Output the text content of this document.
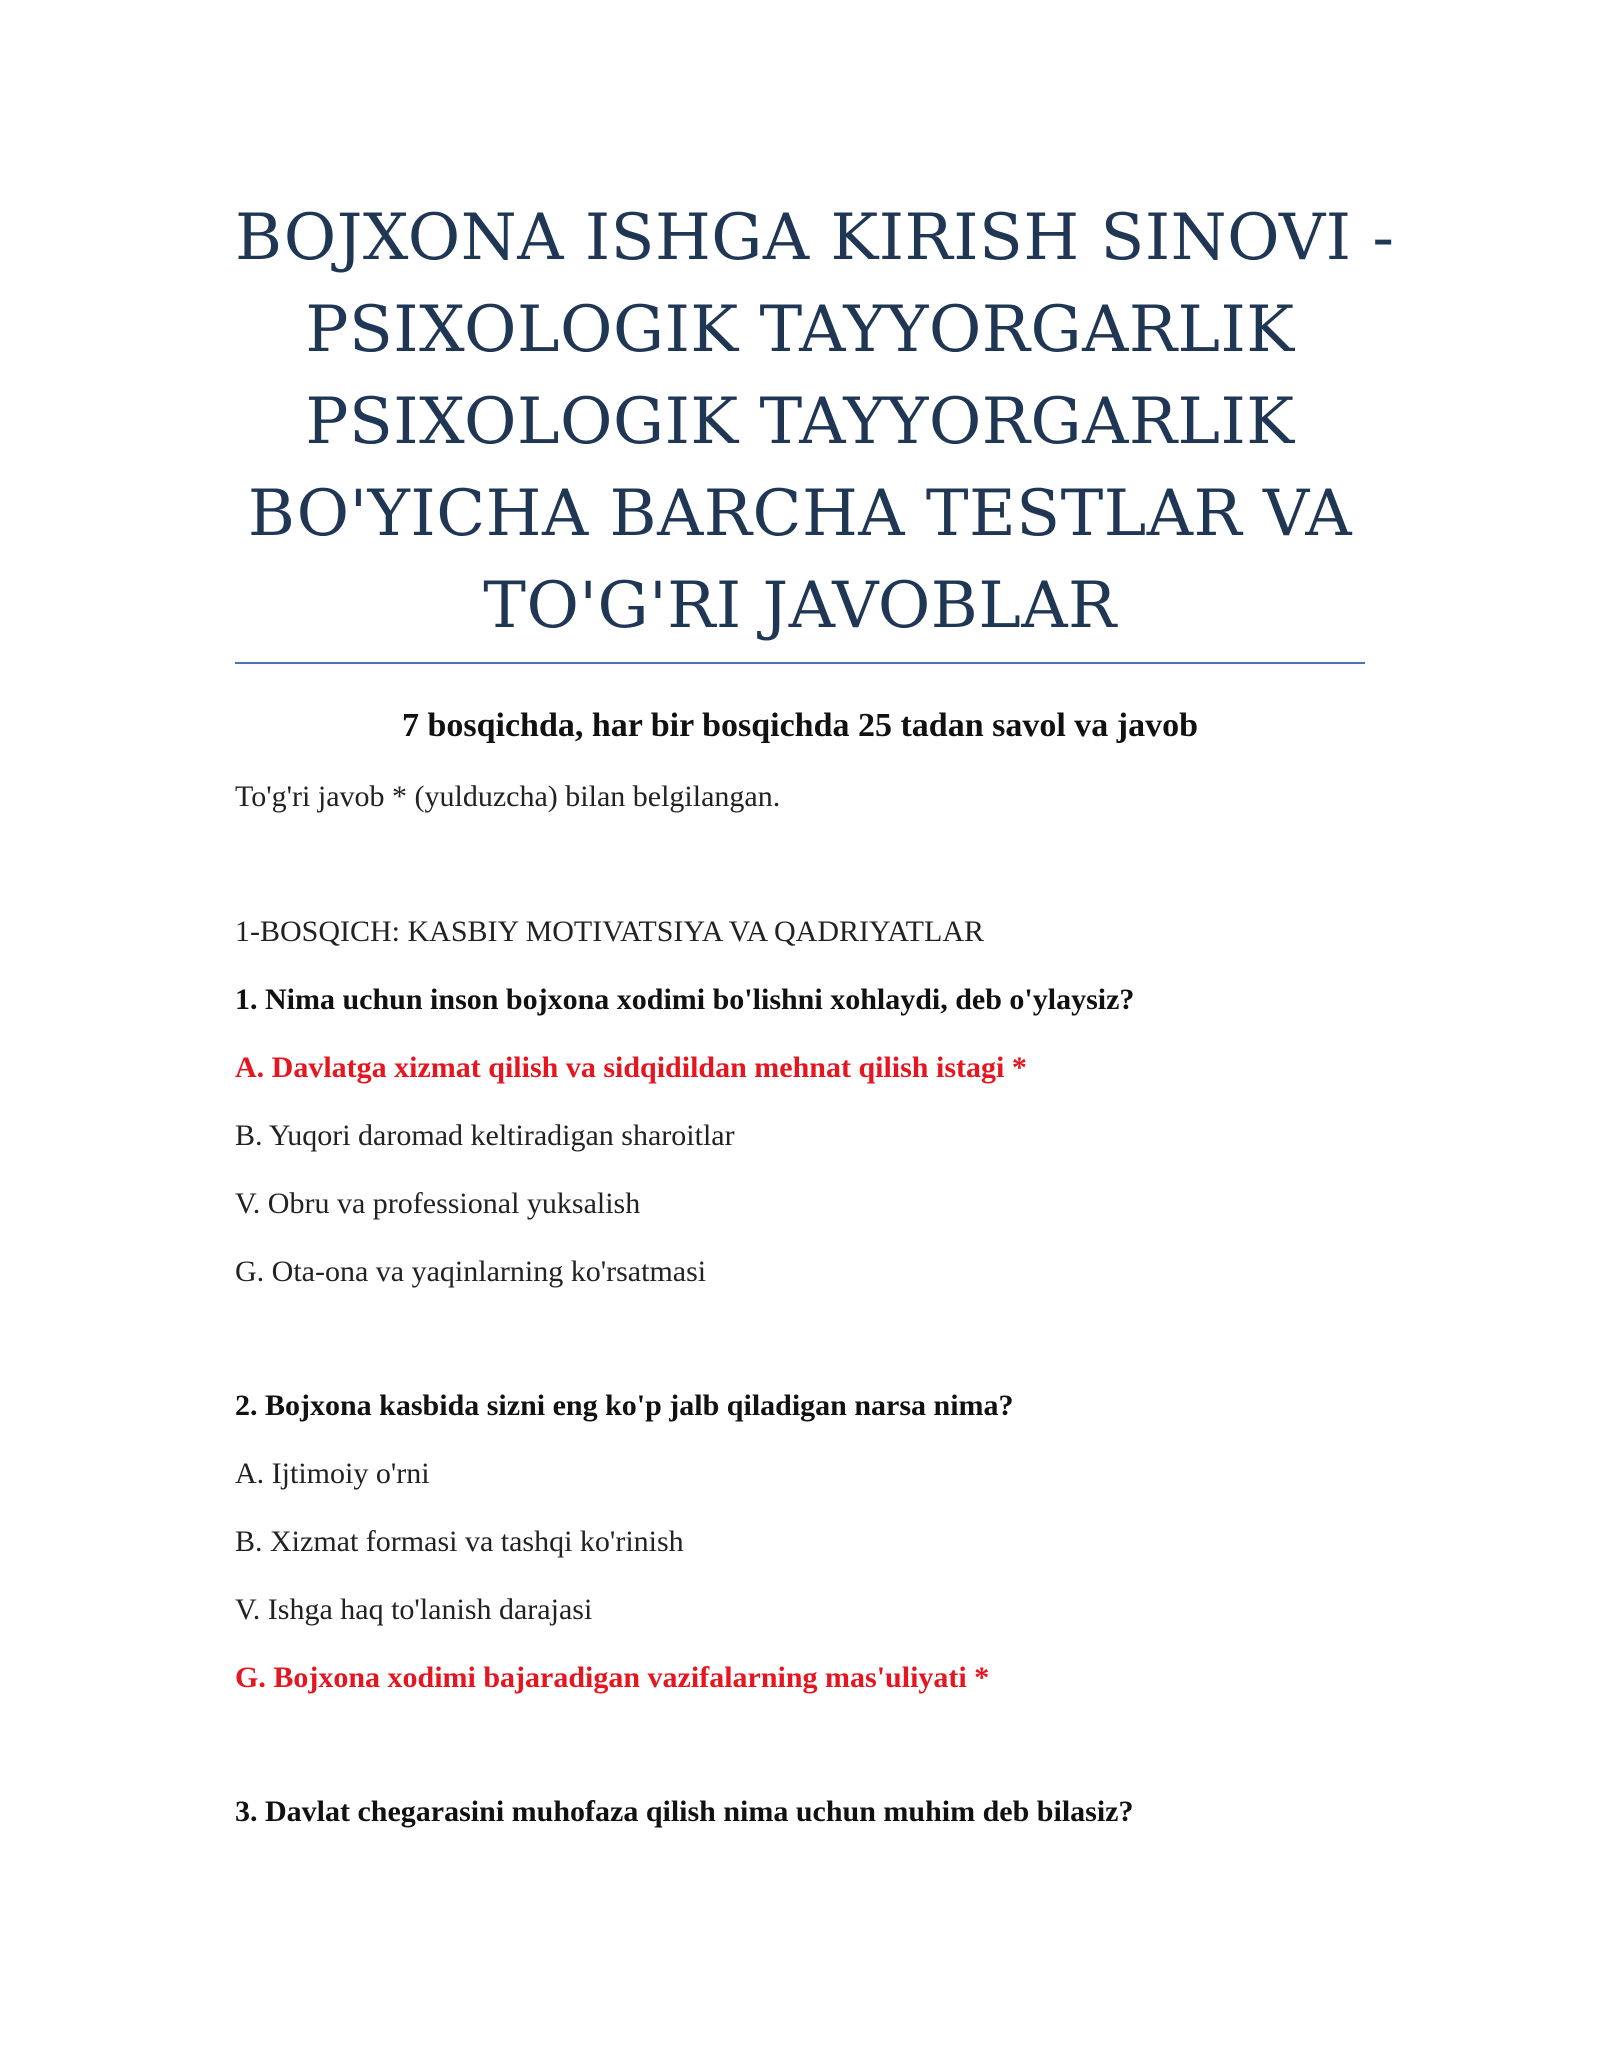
BOJXONA ISHGA KIRISH SINOVI -
PSIXOLOGIK TAYYORGARLIK
PSIXOLOGIK TAYYORGARLIK
BO'YICHA BARCHA TESTLAR VA
TO'G'RI JAVOBLAR
7 bosqichda, har bir bosqichda 25 tadan savol va javob
To'g'ri javob * (yulduzcha) bilan belgilangan.
1-BOSQICH: KASBIY MOTIVATSIYA VA QADRIYATLAR
1. Nima uchun inson bojxona xodimi bo'lishni xohlaydi, deb o'ylaysiz?
A. Davlatga xizmat qilish va sidqidildan mehnat qilish istagi *
B. Yuqori daromad keltiradigan sharoitlar
V. Obru va professional yuksalish
G. Ota-ona va yaqinlarning ko'rsatmasi
2. Bojxona kasbida sizni eng ko'p jalb qiladigan narsa nima?
A. Ijtimoiy o'rni
B. Xizmat formasi va tashqi ko'rinish
V. Ishga haq to'lanish darajasi
G. Bojxona xodimi bajaradigan vazifalarning mas'uliyati *
3. Davlat chegarasini muhofaza qilish nima uchun muhim deb bilasiz?
